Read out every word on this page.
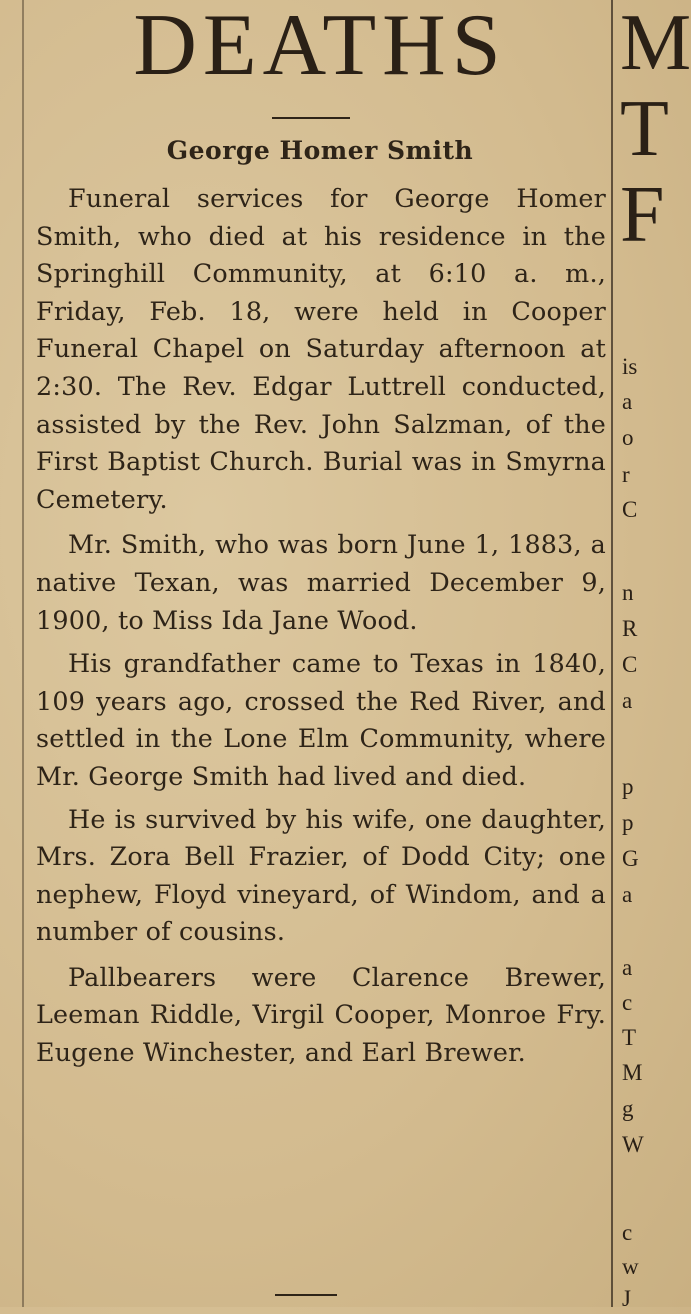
DEATHS
George Homer Smith

Funeral services for George Homer Smith, who died at his residence in the Springhill Community, at 6:10 a. m., Friday, Feb. 18, were held in Cooper Funeral Chapel on Saturday afternoon at 2:30. The Rev. Edgar Luttrell conducted, assisted by the Rev. John Salzman, of the First Baptist Church. Burial was in Smyrna Cemetery.

Mr. Smith, who was born June 1, 1883, a native Texan, was married December 9, 1900, to Miss Ida Jane Wood.

His grandfather came to Texas in 1840, 109 years ago, crossed the Red River, and settled in the Lone Elm Community, where Mr. George Smith had lived and died.

He is survived by his wife, one daughter, Mrs. Zora Bell Frazier, of Dodd City; one nephew, Floyd vineyard, of Windom, and a number of cousins.

Pallbearers were Clarence Brewer, Leeman Riddle, Virgil Cooper, Monroe Fry. Eugene Winchester, and Earl Brewer.

M
T
F
is
a
o
r
C
n
R
C
a
p
p
G
a
a
c
T
M
g
W
c
w
J
